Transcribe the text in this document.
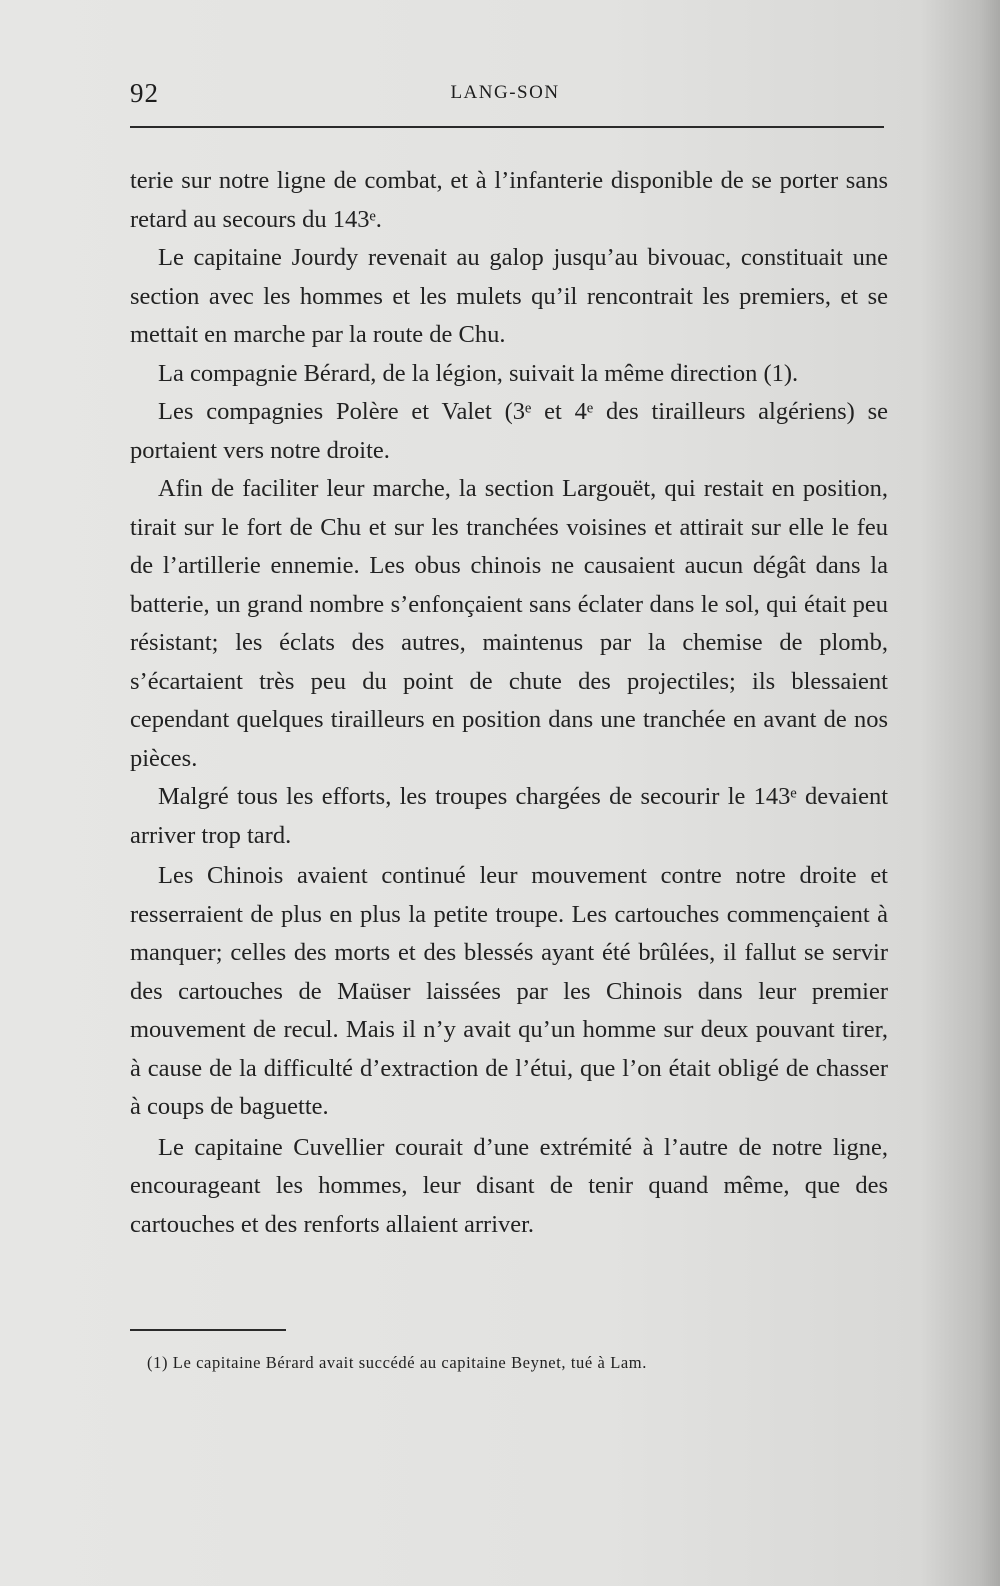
92	LANG-SON

terie sur notre ligne de combat, et à l’infanterie disponible de se porter sans retard au secours du 143ᵉ.

Le capitaine Jourdy revenait au galop jusqu’au bivouac, constituait une section avec les hommes et les mulets qu’il rencontrait les premiers, et se mettait en marche par la route de Chu.

La compagnie Bérard, de la légion, suivait la même direction (1).

Les compagnies Polère et Valet (3ᵉ et 4ᵉ des tirailleurs algériens) se portaient vers notre droite.

Afin de faciliter leur marche, la section Largouët, qui restait en position, tirait sur le fort de Chu et sur les tranchées voisines et attirait sur elle le feu de l’artillerie ennemie. Les obus chinois ne causaient aucun dégât dans la batterie, un grand nombre s’enfonçaient sans éclater dans le sol, qui était peu résistant; les éclats des autres, maintenus par la chemise de plomb, s’écartaient très peu du point de chute des projectiles; ils blessaient cependant quelques tirailleurs en position dans une tranchée en avant de nos pièces.

Malgré tous les efforts, les troupes chargées de secourir le 143ᵉ devaient arriver trop tard.

Les Chinois avaient continué leur mouvement contre notre droite et resserraient de plus en plus la petite troupe. Les cartouches commençaient à manquer; celles des morts et des blessés ayant été brûlées, il fallut se servir des cartouches de Maüser laissées par les Chinois dans leur premier mouvement de recul. Mais il n’y avait qu’un homme sur deux pouvant tirer, à cause de la difficulté d’extraction de l’étui, que l’on était obligé de chasser à coups de baguette.

Le capitaine Cuvellier courait d’une extrémité à l’autre de notre ligne, encourageant les hommes, leur disant de tenir quand même, que des cartouches et des renforts allaient arriver.

(1) Le capitaine Bérard avait succédé au capitaine Beynet, tué à Lam.
